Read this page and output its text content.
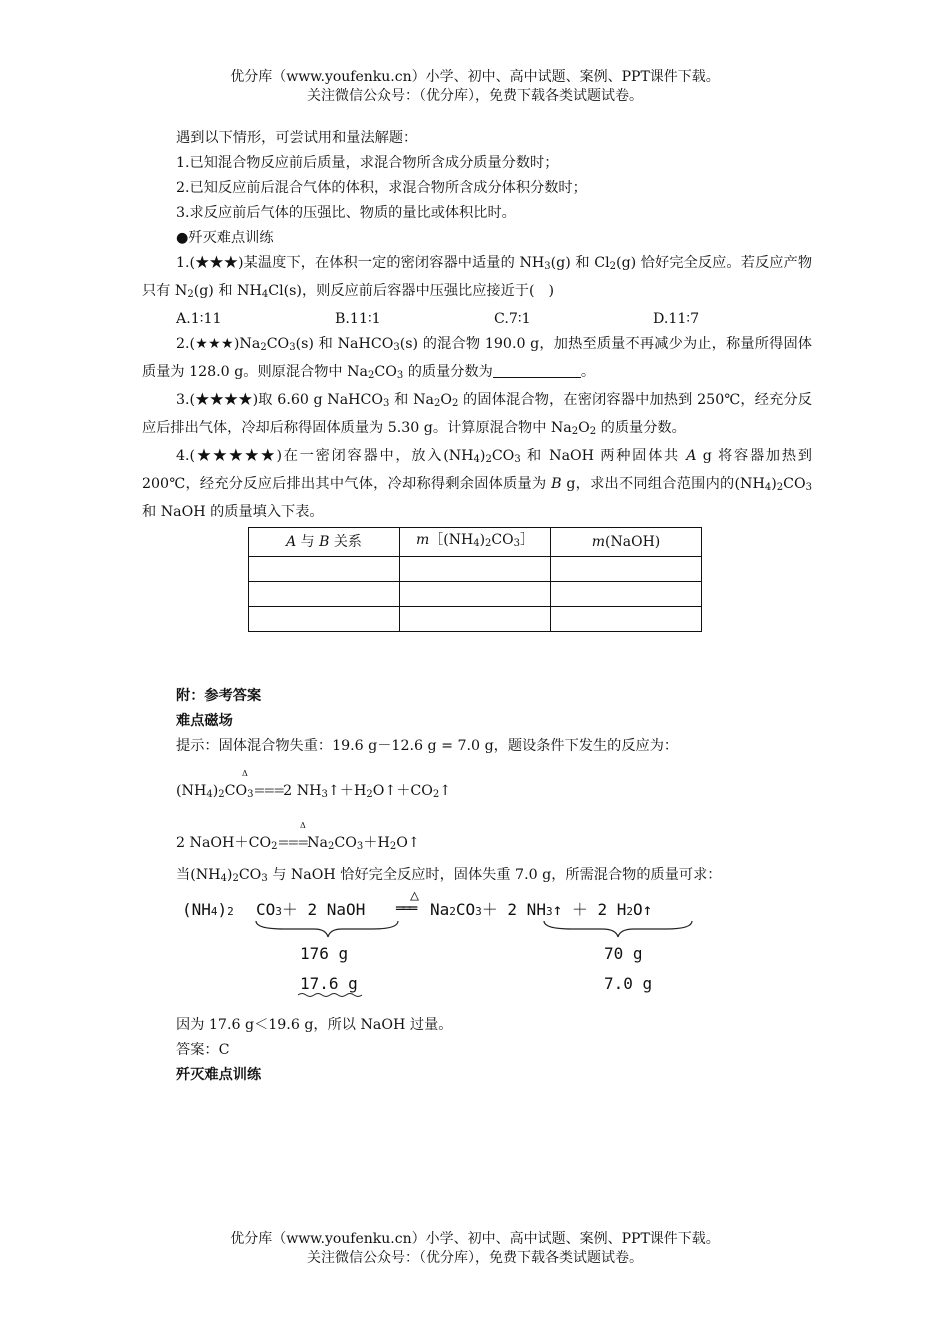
优分库（www.youfenku.cn）小学、初中、高中试题、案例、PPT课件下载。
关注微信公众号：（优分库），免费下载各类试题试卷。
遇到以下情形，可尝试用和量法解题：
1.已知混合物反应前后质量，求混合物所含成分质量分数时；
2.已知反应前后混合气体的体积，求混合物所含成分体积分数时；
3.求反应前后气体的压强比、物质的量比或体积比时。
●歼灭难点训练
1.(★★★)某温度下，在体积一定的密闭容器中适量的 $NH_3(g)$ 和 $Cl_2(g)$ 恰好完全反应。若反应产物只有 $N_2(g)$ 和 $NH_4Cl(s)$，则反应前后容器中压强比应接近于( )
A.1∶11	B.11∶1	C.7∶1	D.11∶7
$2.(★★★)Na_2CO_3(s)$ 和 NaHCO$_3$(s) 的混合物 190.0 g，加热至质量不再减少为止，称量所得固体质量为 128.0 g。则原混合物中 $Na_2CO_3$ 的质量分数为	。
3.(★★★★)取 6.60 g NaHCO$_3$ 和 $Na_2O_2$ 的固体混合物，在密闭容器中加热到 250℃，经充分反应后排出气体，冷却后称得固体质量为 5.30 g。计算原混合物中 $Na_2O_2$ 的质量分数。
4.(★★★★★)在一密闭容器中，放入$(NH_4)_2CO_3$ 和 NaOH 两种固体共 A g 将容器加热到 200℃，经充分反应后排出其中气体，冷却称得剩余固体质量为 B g，求出不同组合范围内的$(NH_4)_2CO_3$ 和 NaOH 的质量填入下表。
A 与 B 关系	$m[(NH_4)_2CO_3]$	m(NaOH)

附：参考答案
难点磁场
提示：固体混合物失重：19.6 g－12.6 g = 7.0 g，题设条件下发生的反应为：
Δ
$(NH_4)_2CO_3===2$ $NH_3↑+H_2O↑+CO_2↑$
Δ
2 $NaOH+CO_2===Na_2CO_3+H_2O↑$
当$(NH_4)_2CO_3$ 与 NaOH 恰好完全反应时，固体失重 7.0 g，所需混合物的质量可求：
(NH4)2 CO3＋ 2 NaOH
△
═══ Na2CO3＋ 2 NH3↑ ＋ 2 H2O↑
176 g
17.6 g
70 g
7.0 g
因为 17.6 g＜19.6 g，所以 NaOH 过量。
答案：C
歼灭难点训练
优分库（www.youfenku.cn）小学、初中、高中试题、案例、PPT课件下载。
关注微信公众号：（优分库），免费下载各类试题试卷。
